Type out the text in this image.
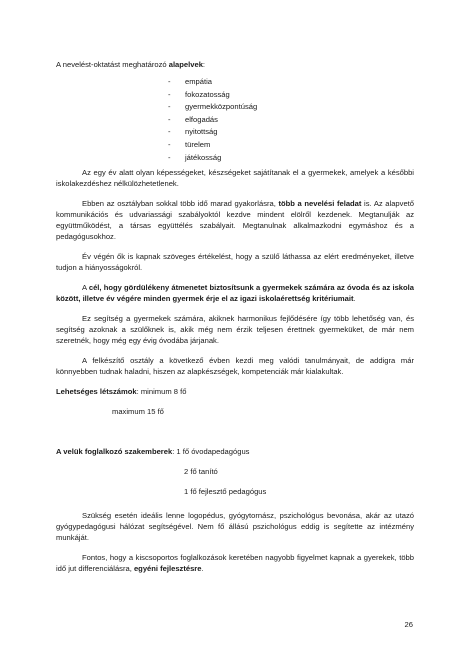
A nevelést-oktatást meghatározó alapelvek:

- empátia
- fokozatosság
- gyermekközpontúság
- elfogadás
- nyitottság
- türelem
- játékosság

Az egy év alatt olyan képességeket, készségeket sajátítanak el a gyermekek, amelyek a későbbi iskolakezdéshez nélkülözhetetlenek.

Ebben az osztályban sokkal több idő marad gyakorlásra, több a nevelési feladat is. Az alapvető kommunikációs és udvariassági szabályoktól kezdve mindent elölről kezdenek. Megtanulják az együttműködést, a társas együttélés szabályait. Megtanulnak alkalmazkodni egymáshoz és a pedagógusokhoz.

Év végén ők is kapnak szöveges értékelést, hogy a szülő láthassa az elért eredményeket, illetve tudjon a hiányosságokról.

A cél, hogy gördülékeny átmenetet biztosítsunk a gyermekek számára az óvoda és az iskola között, illetve év végére minden gyermek érje el az igazi iskolaérettség kritériumait.

Ez segítség a gyermekek számára, akiknek harmonikus fejlődésére így több lehetőség van, és segítség azoknak a szülőknek is, akik még nem érzik teljesen érettnek gyermeküket, de már nem szeretnék, hogy még egy évig óvodába járjanak.

A felkészítő osztály a következő évben kezdi meg valódi tanulmányait, de addigra már könnyebben tudnak haladni, hiszen az alapkészségek, kompetenciák már kialakultak.

Lehetséges létszámok: minimum 8 fő

maximum 15 fő

A velük foglalkozó szakemberek: 1 fő óvodapedagógus

2 fő tanító

1 fő fejlesztő pedagógus

Szükség esetén ideális lenne logopédus, gyógytornász, pszichológus bevonása, akár az utazó gyógypedagógusi hálózat segítségével. Nem fő állású pszichológus eddig is segítette az intézmény munkáját.

Fontos, hogy a kiscsoportos foglalkozások keretében nagyobb figyelmet kapnak a gyerekek, több idő jut differenciálásra, egyéni fejlesztésre.

26
